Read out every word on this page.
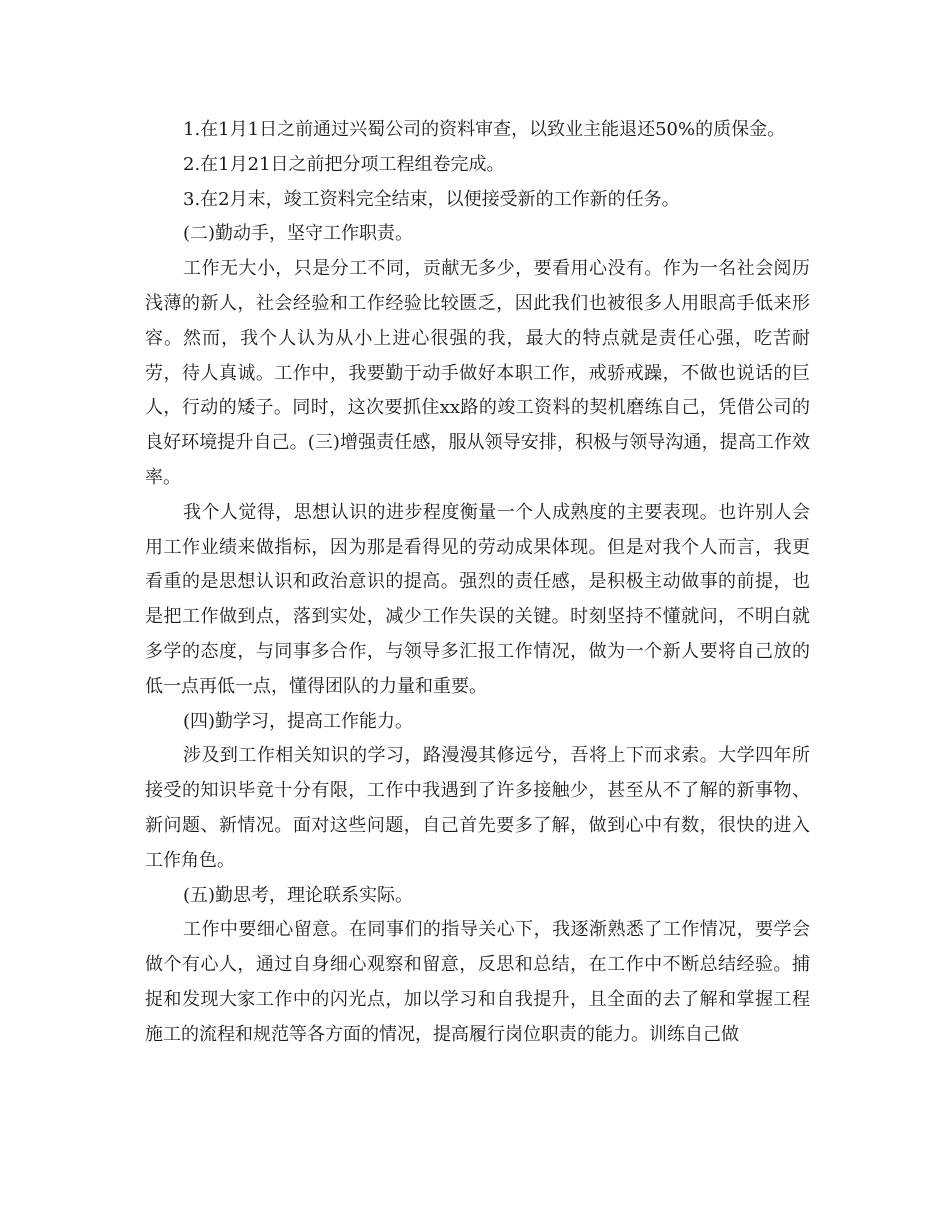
1.在1月1日之前通过兴蜀公司的资料审查，以致业主能退还50%的质保金。

2.在1月21日之前把分项工程组卷完成。

3.在2月末，竣工资料完全结束，以便接受新的工作新的任务。

(二)勤动手，坚守工作职责。

工作无大小，只是分工不同，贡献无多少，要看用心没有。作为一名社会阅历浅薄的新人，社会经验和工作经验比较匮乏，因此我们也被很多人用眼高手低来形容。然而，我个人认为从小上进心很强的我，最大的特点就是责任心强，吃苦耐劳，待人真诚。工作中，我要勤于动手做好本职工作，戒骄戒躁，不做也说话的巨人，行动的矮子。同时，这次要抓住xx路的竣工资料的契机磨练自己，凭借公司的良好环境提升自己。(三)增强责任感，服从领导安排，积极与领导沟通，提高工作效率。

我个人觉得，思想认识的进步程度衡量一个人成熟度的主要表现。也许别人会用工作业绩来做指标，因为那是看得见的劳动成果体现。但是对我个人而言，我更看重的是思想认识和政治意识的提高。强烈的责任感，是积极主动做事的前提，也是把工作做到点，落到实处，减少工作失误的关键。时刻坚持不懂就问，不明白就多学的态度，与同事多合作，与领导多汇报工作情况，做为一个新人要将自己放的低一点再低一点，懂得团队的力量和重要。

(四)勤学习，提高工作能力。

涉及到工作相关知识的学习，路漫漫其修远兮，吾将上下而求索。大学四年所接受的知识毕竟十分有限，工作中我遇到了许多接触少，甚至从不了解的新事物、新问题、新情况。面对这些问题，自己首先要多了解，做到心中有数，很快的进入工作角色。

(五)勤思考，理论联系实际。

工作中要细心留意。在同事们的指导关心下，我逐渐熟悉了工作情况，要学会做个有心人，通过自身细心观察和留意，反思和总结，在工作中不断总结经验。捕捉和发现大家工作中的闪光点，加以学习和自我提升，且全面的去了解和掌握工程施工的流程和规范等各方面的情况，提高履行岗位职责的能力。训练自己做
